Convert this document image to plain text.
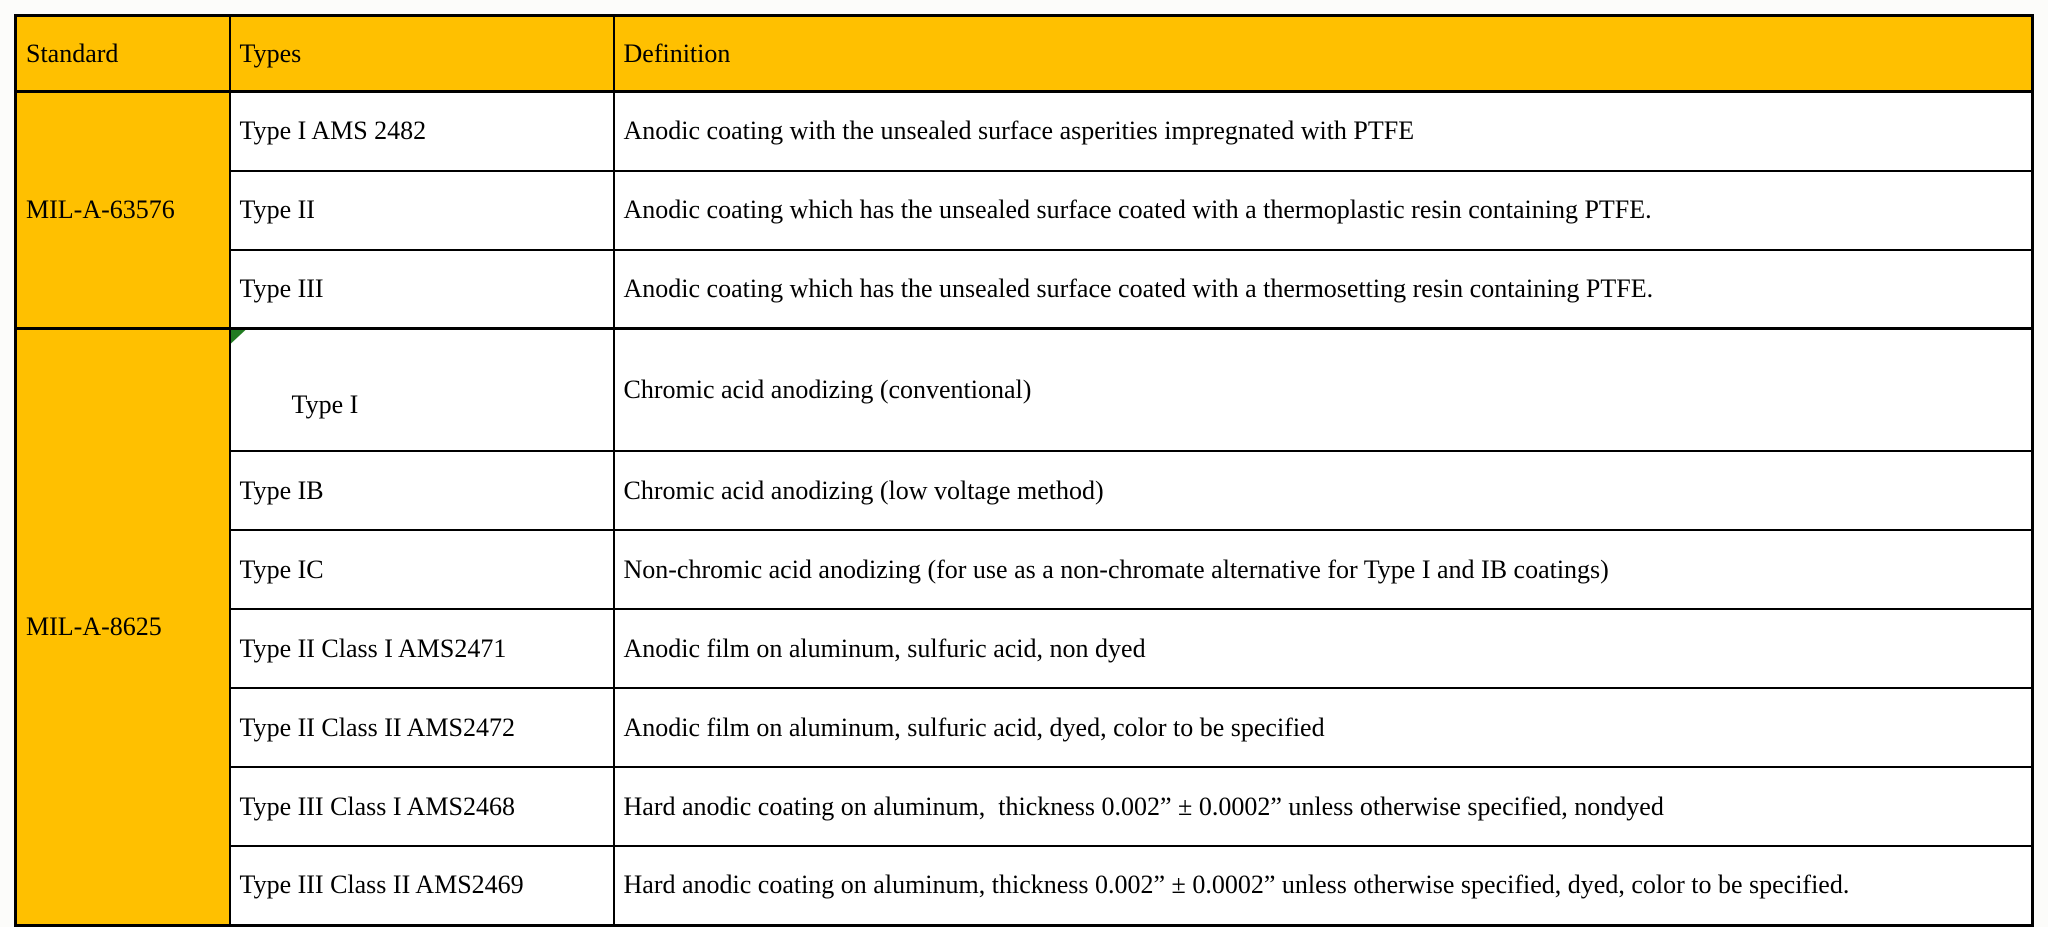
Standard	Types	Definition
MIL-A-63576	Type I AMS 2482	Anodic coating with the unsealed surface asperities impregnated with PTFE
	Type II	Anodic coating which has the unsealed surface coated with a thermoplastic resin containing PTFE.
	Type III	Anodic coating which has the unsealed surface coated with a thermosetting resin containing PTFE.
MIL-A-8625	Type I	Chromic acid anodizing (conventional)
	Type IB	Chromic acid anodizing (low voltage method)
	Type IC	Non-chromic acid anodizing (for use as a non-chromate alternative for Type I and IB coatings)
	Type II Class I AMS2471	Anodic film on aluminum, sulfuric acid, non dyed
	Type II Class II AMS2472	Anodic film on aluminum, sulfuric acid, dyed, color to be specified
	Type III Class I AMS2468	Hard anodic coating on aluminum,  thickness 0.002” ± 0.0002” unless otherwise specified, nondyed
	Type III Class II AMS2469	Hard anodic coating on aluminum, thickness 0.002” ± 0.0002” unless otherwise specified, dyed, color to be specified.
